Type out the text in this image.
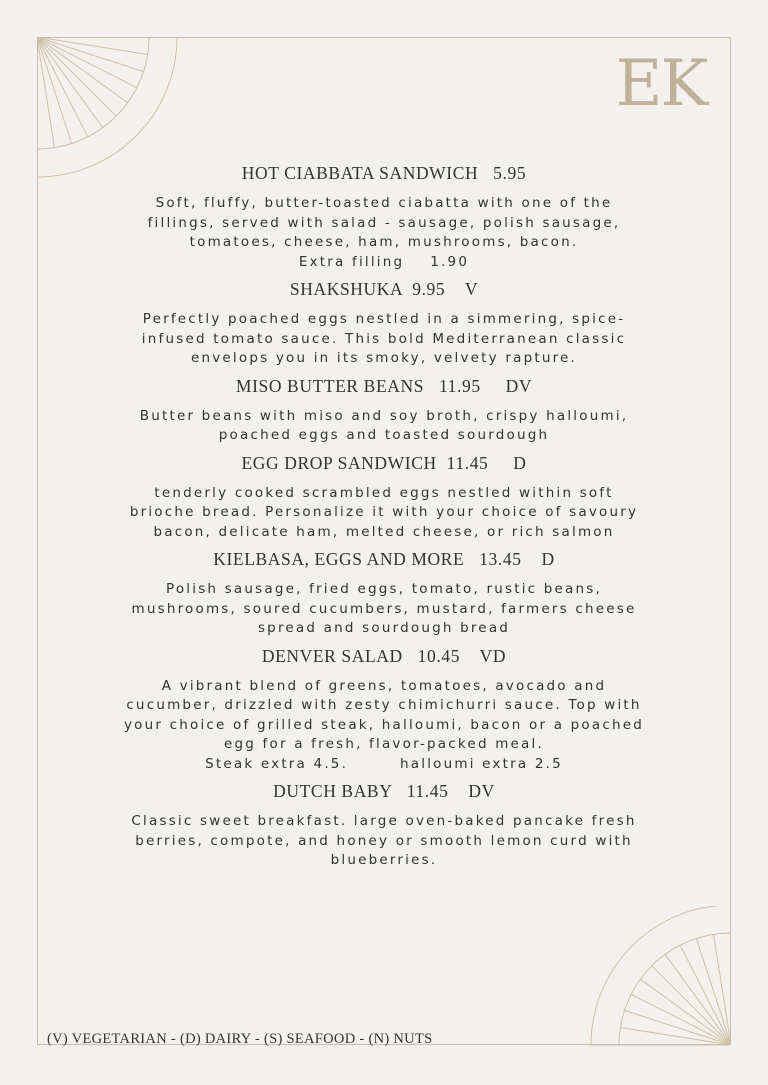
EK
HOT CIABBATA SANDWICH   5.95

Soft, fluffy, butter-toasted ciabatta with one of the

fillings, served with salad - sausage, polish sausage,

tomatoes, cheese, ham, mushrooms, bacon.

Extra filling    1.90

SHAKSHUKA  9.95    V

Perfectly poached eggs nestled in a simmering, spice-

infused tomato sauce. This bold Mediterranean classic

envelops you in its smoky, velvety rapture.

MISO BUTTER BEANS   11.95     DV

Butter beans with miso and soy broth, crispy halloumi,

poached eggs and toasted sourdough

EGG DROP SANDWICH  11.45     D

tenderly cooked scrambled eggs nestled within soft

brioche bread. Personalize it with your choice of savoury

bacon, delicate ham, melted cheese, or rich salmon

KIELBASA, EGGS AND MORE   13.45    D

Polish sausage, fried eggs, tomato, rustic beans,

mushrooms, soured cucumbers, mustard, farmers cheese

spread and sourdough bread

DENVER SALAD   10.45    VD

A vibrant blend of greens, tomatoes, avocado and

cucumber, drizzled with zesty chimichurri sauce. Top with

your choice of grilled steak, halloumi, bacon or a poached

egg for a fresh, flavor-packed meal.

Steak extra 4.5.        halloumi extra 2.5

DUTCH BABY   11.45    DV

Classic sweet breakfast. large oven-baked pancake fresh

berries, compote, and honey or smooth lemon curd with

blueberries.

(V) VEGETARIAN - (D) DAIRY - (S) SEAFOOD - (N) NUTS
